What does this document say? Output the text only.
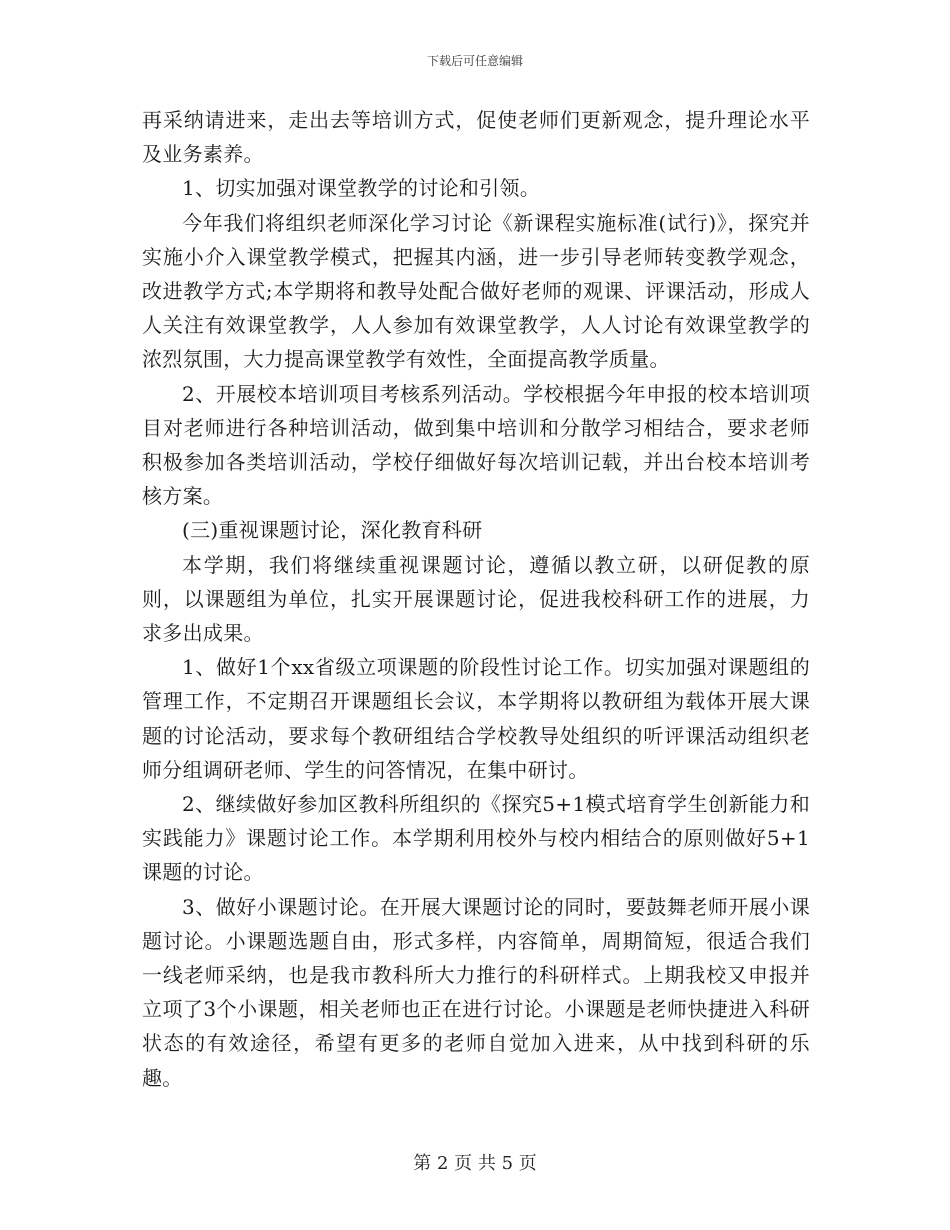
下载后可任意编辑

再采纳请进来，走出去等培训方式，促使老师们更新观念，提升理论水平及业务素养。

1、切实加强对课堂教学的讨论和引领。

今年我们将组织老师深化学习讨论《新课程实施标准(试行)》，探究并实施小介入课堂教学模式，把握其内涵，进一步引导老师转变教学观念，改进教学方式;本学期将和教导处配合做好老师的观课、评课活动，形成人人关注有效课堂教学，人人参加有效课堂教学，人人讨论有效课堂教学的浓烈氛围，大力提高课堂教学有效性，全面提高教学质量。

2、开展校本培训项目考核系列活动。学校根据今年申报的校本培训项目对老师进行各种培训活动，做到集中培训和分散学习相结合，要求老师积极参加各类培训活动，学校仔细做好每次培训记载，并出台校本培训考核方案。

(三)重视课题讨论，深化教育科研

本学期，我们将继续重视课题讨论，遵循以教立研，以研促教的原则，以课题组为单位，扎实开展课题讨论，促进我校科研工作的进展，力求多出成果。

1、做好1个xx省级立项课题的阶段性讨论工作。切实加强对课题组的管理工作，不定期召开课题组长会议，本学期将以教研组为载体开展大课题的讨论活动，要求每个教研组结合学校教导处组织的听评课活动组织老师分组调研老师、学生的问答情况，在集中研讨。

2、继续做好参加区教科所组织的《探究5+1模式培育学生创新能力和实践能力》课题讨论工作。本学期利用校外与校内相结合的原则做好5+1课题的讨论。

3、做好小课题讨论。在开展大课题讨论的同时，要鼓舞老师开展小课题讨论。小课题选题自由，形式多样，内容简单，周期简短，很适合我们一线老师采纳，也是我市教科所大力推行的科研样式。上期我校又申报并立项了3个小课题，相关老师也正在进行讨论。小课题是老师快捷进入科研状态的有效途径，希望有更多的老师自觉加入进来，从中找到科研的乐趣。

第 2 页 共 5 页
